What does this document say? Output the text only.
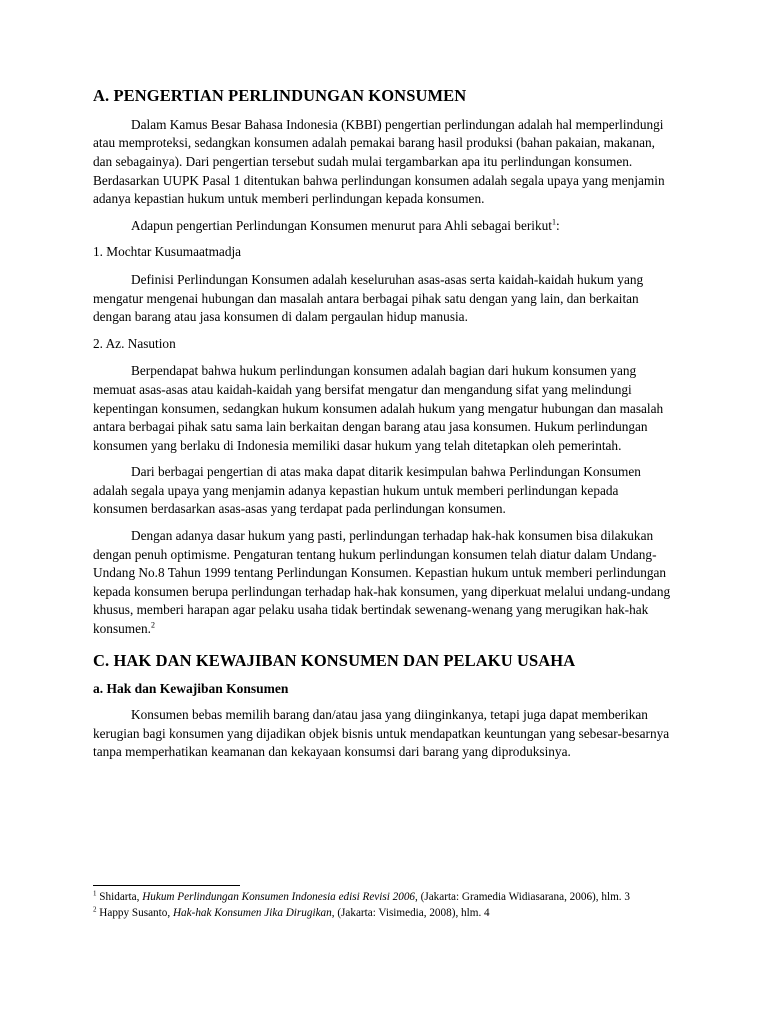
A. PENGERTIAN PERLINDUNGAN KONSUMEN

Dalam Kamus Besar Bahasa Indonesia (KBBI) pengertian perlindungan adalah hal memperlindungi atau memproteksi, sedangkan konsumen adalah pemakai barang hasil produksi (bahan pakaian, makanan, dan sebagainya). Dari pengertian tersebut sudah mulai tergambarkan apa itu perlindungan konsumen. Berdasarkan UUPK Pasal 1 ditentukan bahwa perlindungan konsumen adalah segala upaya yang menjamin adanya kepastian hukum untuk memberi perlindungan kepada konsumen.

Adapun pengertian Perlindungan Konsumen menurut para Ahli sebagai berikut$^1$:

1. Mochtar Kusumaatmadja

Definisi Perlindungan Konsumen adalah keseluruhan asas-asas serta kaidah-kaidah hukum yang mengatur mengenai hubungan dan masalah antara berbagai pihak satu dengan yang lain, dan berkaitan dengan barang atau jasa konsumen di dalam pergaulan hidup manusia.

2. Az. Nasution

Berpendapat bahwa hukum perlindungan konsumen adalah bagian dari hukum konsumen yang memuat asas-asas atau kaidah-kaidah yang bersifat mengatur dan mengandung sifat yang melindungi kepentingan konsumen, sedangkan hukum konsumen adalah hukum yang mengatur hubungan dan masalah antara berbagai pihak satu sama lain berkaitan dengan barang atau jasa konsumen. Hukum perlindungan konsumen yang berlaku di Indonesia memiliki dasar hukum yang telah ditetapkan oleh pemerintah.

Dari berbagai pengertian di atas maka dapat ditarik kesimpulan bahwa Perlindungan Konsumen adalah segala upaya yang menjamin adanya kepastian hukum untuk memberi perlindungan kepada konsumen berdasarkan asas-asas yang terdapat pada perlindungan konsumen.

Dengan adanya dasar hukum yang pasti, perlindungan terhadap hak-hak konsumen bisa dilakukan dengan penuh optimisme. Pengaturan tentang hukum perlindungan konsumen telah diatur dalam Undang-Undang No.8 Tahun 1999 tentang Perlindungan Konsumen. Kepastian hukum untuk memberi perlindungan kepada konsumen berupa perlindungan terhadap hak-hak konsumen, yang diperkuat melalui undang-undang khusus, memberi harapan agar pelaku usaha tidak bertindak sewenang-wenang yang merugikan hak-hak konsumen.$^2$

C. HAK DAN KEWAJIBAN KONSUMEN DAN PELAKU USAHA
a. Hak dan Kewajiban Konsumen

Konsumen bebas memilih barang dan/atau jasa yang diinginkanya, tetapi juga dapat memberikan kerugian bagi konsumen yang dijadikan objek bisnis untuk mendapatkan keuntungan yang sebesar-besarnya tanpa memperhatikan keamanan dan kekayaan konsumsi dari barang yang diproduksinya.

$^1$ Shidarta, Hukum Perlindungan Konsumen Indonesia edisi Revisi 2006, (Jakarta: Gramedia Widiasarana, 2006), hlm. 3

$^2$ Happy Susanto, Hak-hak Konsumen Jika Dirugikan, (Jakarta: Visimedia, 2008), hlm. 4
